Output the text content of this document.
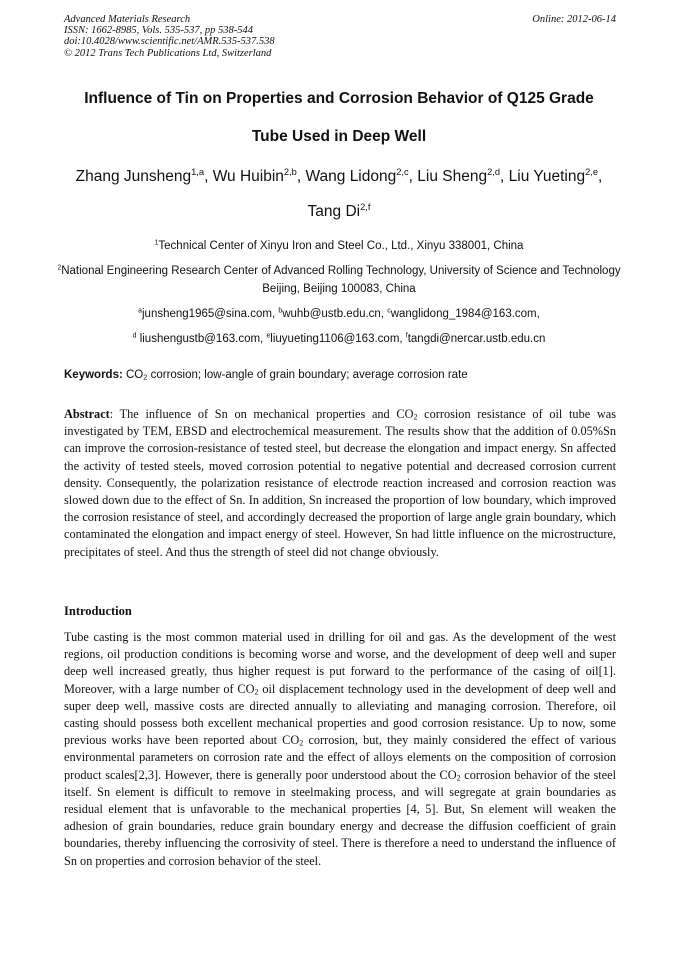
Advanced Materials Research
ISSN: 1662-8985, Vols. 535-537, pp 538-544
doi:10.4028/www.scientific.net/AMR.535-537.538
© 2012 Trans Tech Publications Ltd, Switzerland
Online: 2012-06-14
Influence of Tin on Properties and Corrosion Behavior of Q125 Grade
Tube Used in Deep Well
Zhang Junsheng$^{1,a}$, Wu Huibin$^{2,b}$, Wang Lidong$^{2,c}$, Liu Sheng$^{2,d}$, Liu Yueting$^{2,e}$,
Tang Di$^{2,f}$
$^1$Technical Center of Xinyu Iron and Steel Co., Ltd., Xinyu 338001, China
$^2$National Engineering Research Center of Advanced Rolling Technology, University of Science and Technology Beijing, Beijing 100083, China
$^a$junsheng1965@sina.com, $^b$wuhb@ustb.edu.cn, $^c$wanglidong_1984@163.com,
$^d$ liushengustb@163.com, $^e$liuyueting1106@163.com, $^f$tangdi@nercar.ustb.edu.cn
Keywords: $CO_2$ corrosion; low-angle of grain boundary; average corrosion rate
Abstract: The influence of Sn on mechanical properties and $CO_2$ corrosion resistance of oil tube was investigated by TEM, EBSD and electrochemical measurement. The results show that the addition of 0.05%Sn can improve the corrosion-resistance of tested steel, but decrease the elongation and impact energy. Sn affected the activity of tested steels, moved corrosion potential to negative potential and decreased corrosion current density. Consequently, the polarization resistance of electrode reaction increased and corrosion reaction was slowed down due to the effect of Sn. In addition, Sn increased the proportion of low boundary, which improved the corrosion resistance of steel, and accordingly decreased the proportion of large angle grain boundary, which contaminated the elongation and impact energy of steel. However, Sn had little influence on the microstructure, precipitates of steel. And thus the strength of steel did not change obviously.
Introduction
Tube casting is the most common material used in drilling for oil and gas. As the development of the west regions, oil production conditions is becoming worse and worse, and the development of deep well and super deep well increased greatly, thus higher request is put forward to the performance of the casing of oil[1]. Moreover, with a large number of $CO_2$ oil displacement technology used in the development of deep well and super deep well, massive costs are directed annually to alleviating and managing corrosion. Therefore, oil casting should possess both excellent mechanical properties and good corrosion resistance. Up to now, some previous works have been reported about $CO_2$ corrosion, but, they mainly considered the effect of various environmental parameters on corrosion rate and the effect of alloys elements on the composition of corrosion product scales[2,3]. However, there is generally poor understood about the $CO_2$ corrosion behavior of the steel itself. Sn element is difficult to remove in steelmaking process, and will segregate at grain boundaries as residual element that is unfavorable to the mechanical properties [4, 5]. But, Sn element will weaken the adhesion of grain boundaries, reduce grain boundary energy and decrease the diffusion coefficient of grain boundaries, thereby influencing the corrosivity of steel. There is therefore a need to understand the influence of Sn on properties and corrosion behavior of the steel.
